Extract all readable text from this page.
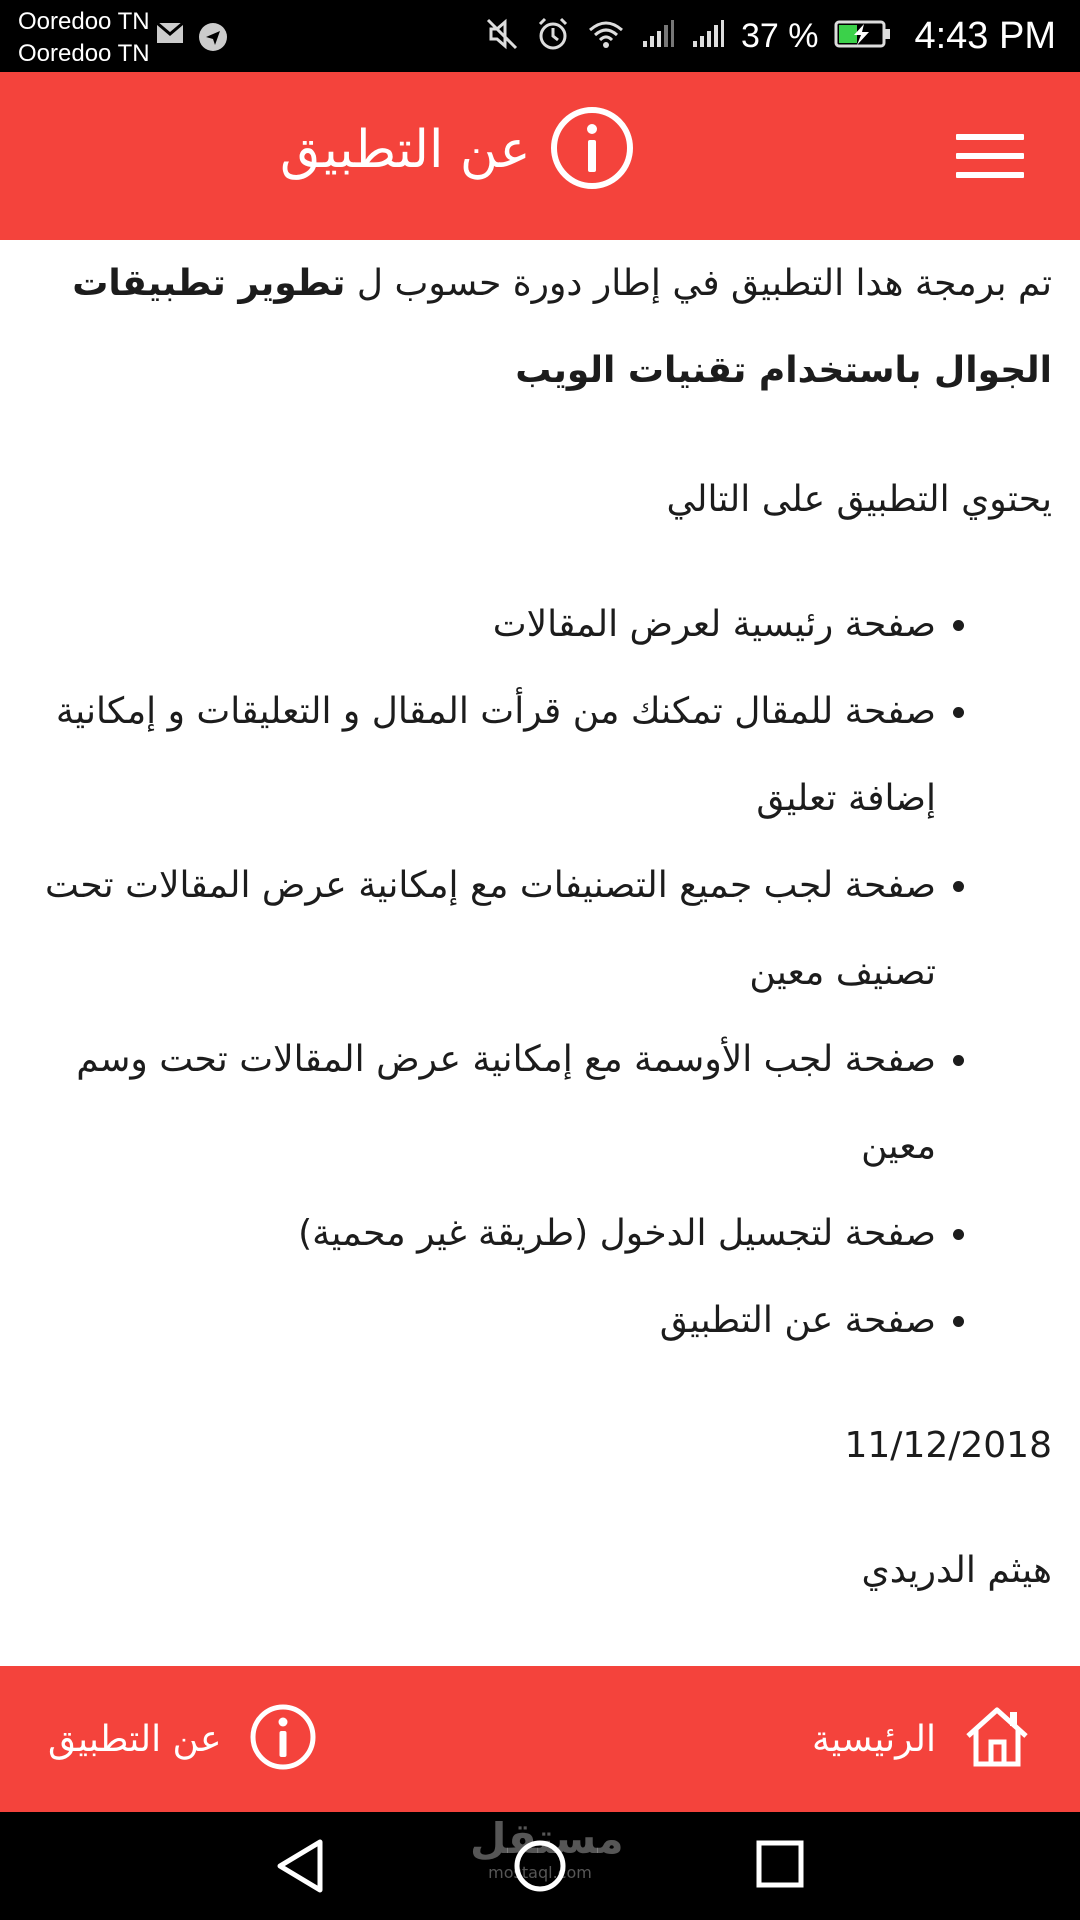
Ooredoo TN
Ooredoo TN	37 %	4:43 PM
عن التطبيق

تم برمجة هدا التطبيق في إطار دورة حسوب ل تطوير تطبيقات الجوال باستخدام تقنيات الويب

يحتوي التطبيق على التالي

• صفحة رئيسية لعرض المقالات
• صفحة للمقال تمكنك من قرأت المقال و التعليقات و إمكانية إضافة تعليق
• صفحة لجب جميع التصنيفات مع إمكانية عرض المقالات تحت تصنيف معين
• صفحة لجب الأوسمة مع إمكانية عرض المقالات تحت وسم معين
• صفحة لتجسيل الدخول (طريقة غير محمية)
• صفحة عن التطبيق

11/12/2018

هيثم الدريدي

الرئيسية
عن التطبيق
مستقل
mostaql.com
